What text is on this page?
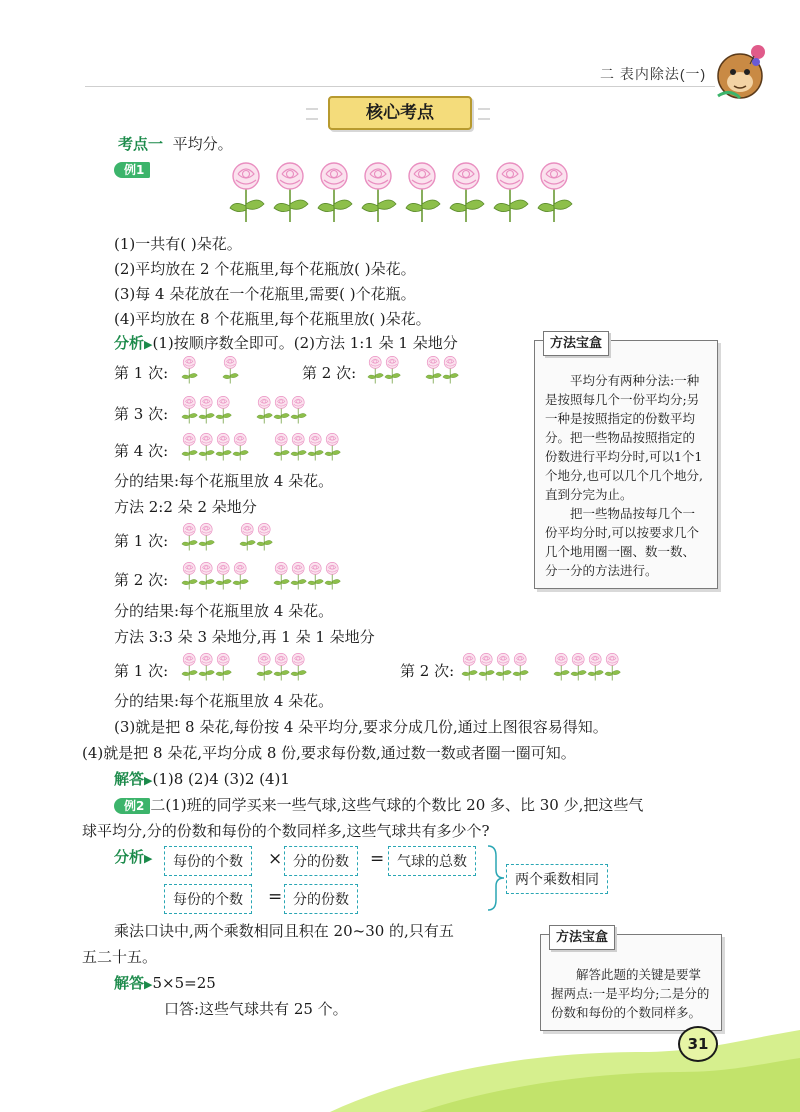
二 表内除法(一)
核心考点
考点一 平均分。
例1
(1)一共有( )朵花。
(2)平均放在 2 个花瓶里,每个花瓶放( )朵花。
(3)每 4 朵花放在一个花瓶里,需要( )个花瓶。
(4)平均放在 8 个花瓶里,每个花瓶里放( )朵花。
分析▶(1)按顺序数全即可。(2)方法 1:1 朵 1 朵地分
第 1 次:	第 2 次:
第 3 次:
第 4 次:
分的结果:每个花瓶里放 4 朵花。
方法 2:2 朵 2 朵地分
第 1 次:
第 2 次:
分的结果:每个花瓶里放 4 朵花。
方法 3:3 朵 3 朵地分,再 1 朵 1 朵地分
第 1 次:	第 2 次:
分的结果:每个花瓶里放 4 朵花。
(3)就是把 8 朵花,每份按 4 朵平均分,要求分成几份,通过上图很容易得知。
(4)就是把 8 朵花,平均分成 8 份,要求每份数,通过数一数或者圈一圈可知。
解答▶(1)8 (2)4 (3)2 (4)1
方法宝盒

平均分有两种分法:一种是按照每几个一份平均分;另一种是按照指定的份数平均分。把一些物品按照指定的份数进行平均分时,可以1个1个地分,也可以几个几个地分,直到分完为止。

把一些物品按每几个一份平均分时,可以按要求几个几个地用圈一圈、数一数、分一分的方法进行。

例2 二(1)班的同学买来一些气球,这些气球的个数比 20 多、比 30 少,把这些气
球平均分,分的份数和每份的个数同样多,这些气球共有多少个?
分析▶	每份的个数	× 分的份数	= 气球的总数
每份的个数	= 分的份数
两个乘数相同
乘法口诀中,两个乘数相同且积在 20~30 的,只有五
五二十五。
解答▶5×5=25
口答:这些气球共有 25 个。
方法宝盒

解答此题的关键是要掌握两点:一是平均分;二是分的份数和每份的个数同样多。

31
